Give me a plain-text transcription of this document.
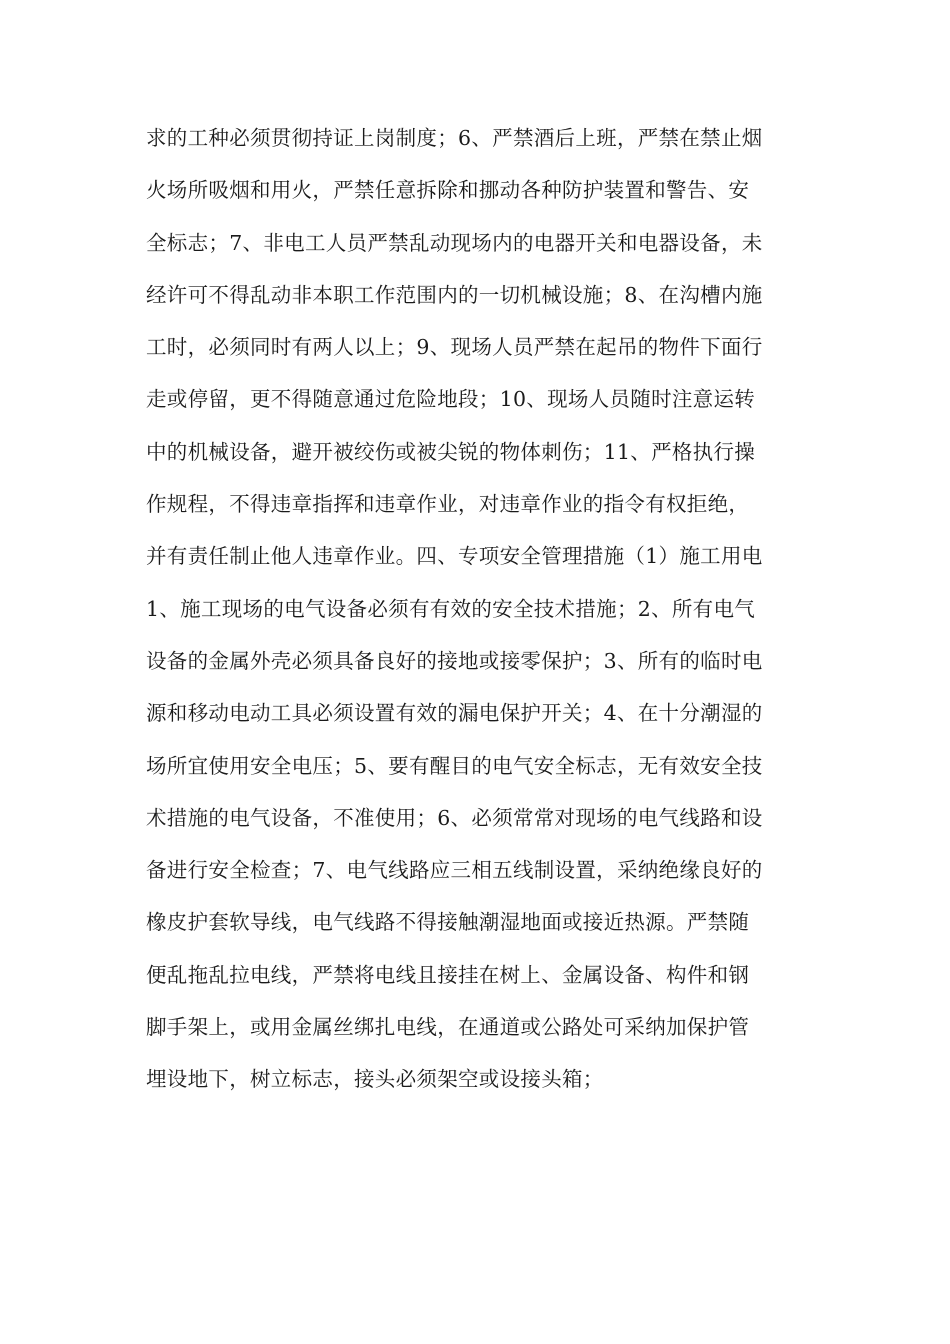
求的工种必须贯彻持证上岗制度；6、严禁酒后上班，严禁在禁止烟
火场所吸烟和用火，严禁任意拆除和挪动各种防护装置和警告、安
全标志；7、非电工人员严禁乱动现场内的电器开关和电器设备，未
经许可不得乱动非本职工作范围内的一切机械设施；8、在沟槽内施
工时，必须同时有两人以上；9、现场人员严禁在起吊的物件下面行
走或停留，更不得随意通过危险地段；10、现场人员随时注意运转
中的机械设备，避开被绞伤或被尖锐的物体刺伤；11、严格执行操
作规程，不得违章指挥和违章作业，对违章作业的指令有权拒绝，
并有责任制止他人违章作业。四、专项安全管理措施（1）施工用电
1、施工现场的电气设备必须有有效的安全技术措施；2、所有电气
设备的金属外壳必须具备良好的接地或接零保护；3、所有的临时电
源和移动电动工具必须设置有效的漏电保护开关；4、在十分潮湿的
场所宜使用安全电压；5、要有醒目的电气安全标志，无有效安全技
术措施的电气设备，不准使用；6、必须常常对现场的电气线路和设
备进行安全检查；7、电气线路应三相五线制设置，采纳绝缘良好的
橡皮护套软导线，电气线路不得接触潮湿地面或接近热源。严禁随
便乱拖乱拉电线，严禁将电线且接挂在树上、金属设备、构件和钢
脚手架上，或用金属丝绑扎电线，在通道或公路处可采纳加保护管
埋设地下，树立标志，接头必须架空或设接头箱；
